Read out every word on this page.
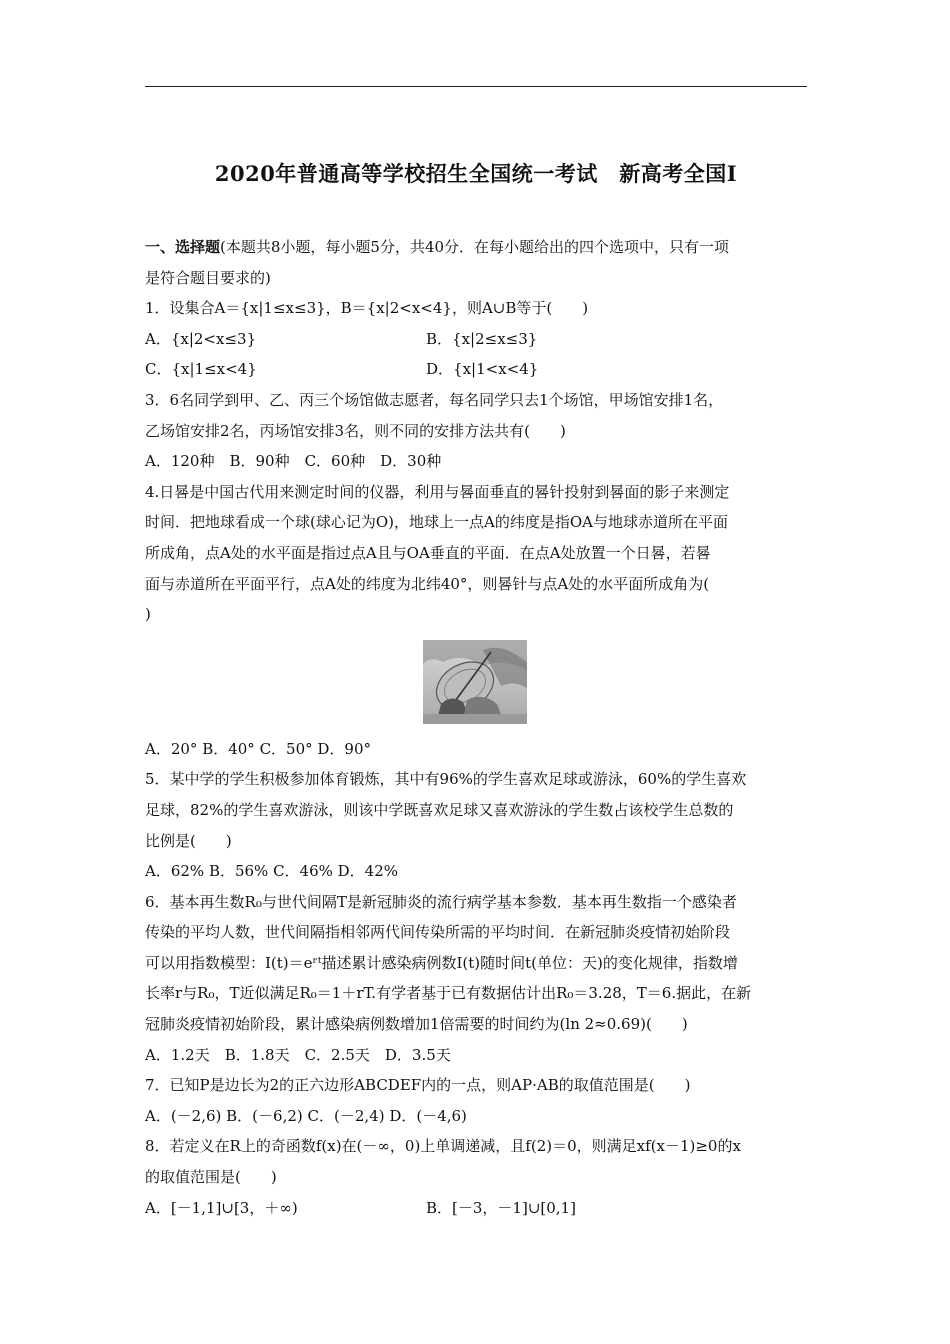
2020年普通高等学校招生全国统一考试　新高考全国Ⅰ
一、选择题(本题共8小题，每小题5分，共40分．在每小题给出的四个选项中，只有一项
是符合题目要求的)
1．设集合A＝{x|1≤x≤3}，B＝{x|2<x<4}，则A∪B等于(　　)
A．{x|2<x≤3}	B．{x|2≤x≤3}
C．{x|1≤x<4}	D．{x|1<x<4}
3．6名同学到甲、乙、丙三个场馆做志愿者，每名同学只去1个场馆，甲场馆安排1名，
乙场馆安排2名，丙场馆安排3名，则不同的安排方法共有(　　)
A．120种　B．90种　C．60种　D．30种
4.日晷是中国古代用来测定时间的仪器，利用与晷面垂直的晷针投射到晷面的影子来测定
时间．把地球看成一个球(球心记为O)，地球上一点A的纬度是指OA与地球赤道所在平面
所成角，点A处的水平面是指过点A且与OA垂直的平面．在点A处放置一个日晷，若晷
面与赤道所在平面平行，点A处的纬度为北纬40°，则晷针与点A处的水平面所成角为(
)
A．20° B．40° C．50° D．90°
5．某中学的学生积极参加体育锻炼，其中有96%的学生喜欢足球或游泳，60%的学生喜欢
足球，82%的学生喜欢游泳，则该中学既喜欢足球又喜欢游泳的学生数占该校学生总数的
比例是(　　)
A．62% B．56% C．46% D．42%
6．基本再生数R₀与世代间隔T是新冠肺炎的流行病学基本参数．基本再生数指一个感染者
传染的平均人数，世代间隔指相邻两代间传染所需的平均时间．在新冠肺炎疫情初始阶段
可以用指数模型：I(t)＝eʳᵗ描述累计感染病例数I(t)随时间t(单位：天)的变化规律，指数增
长率r与R₀，T近似满足R₀＝1＋rT.有学者基于已有数据估计出R₀＝3.28，T＝6.据此，在新
冠肺炎疫情初始阶段，累计感染病例数增加1倍需要的时间约为(ln 2≈0.69)(　　)
A．1.2天　B．1.8天　C．2.5天　D．3.5天
7．已知P是边长为2的正六边形ABCDEF内的一点，则AP·AB的取值范围是(　　)
A．(－2,6) B．(－6,2) C．(－2,4) D．(－4,6)
8．若定义在R上的奇函数f(x)在(－∞，0)上单调递减，且f(2)＝0，则满足xf(x－1)≥0的x
的取值范围是(　　)
A．[－1,1]∪[3，＋∞)	B．[－3，－1]∪[0,1]
